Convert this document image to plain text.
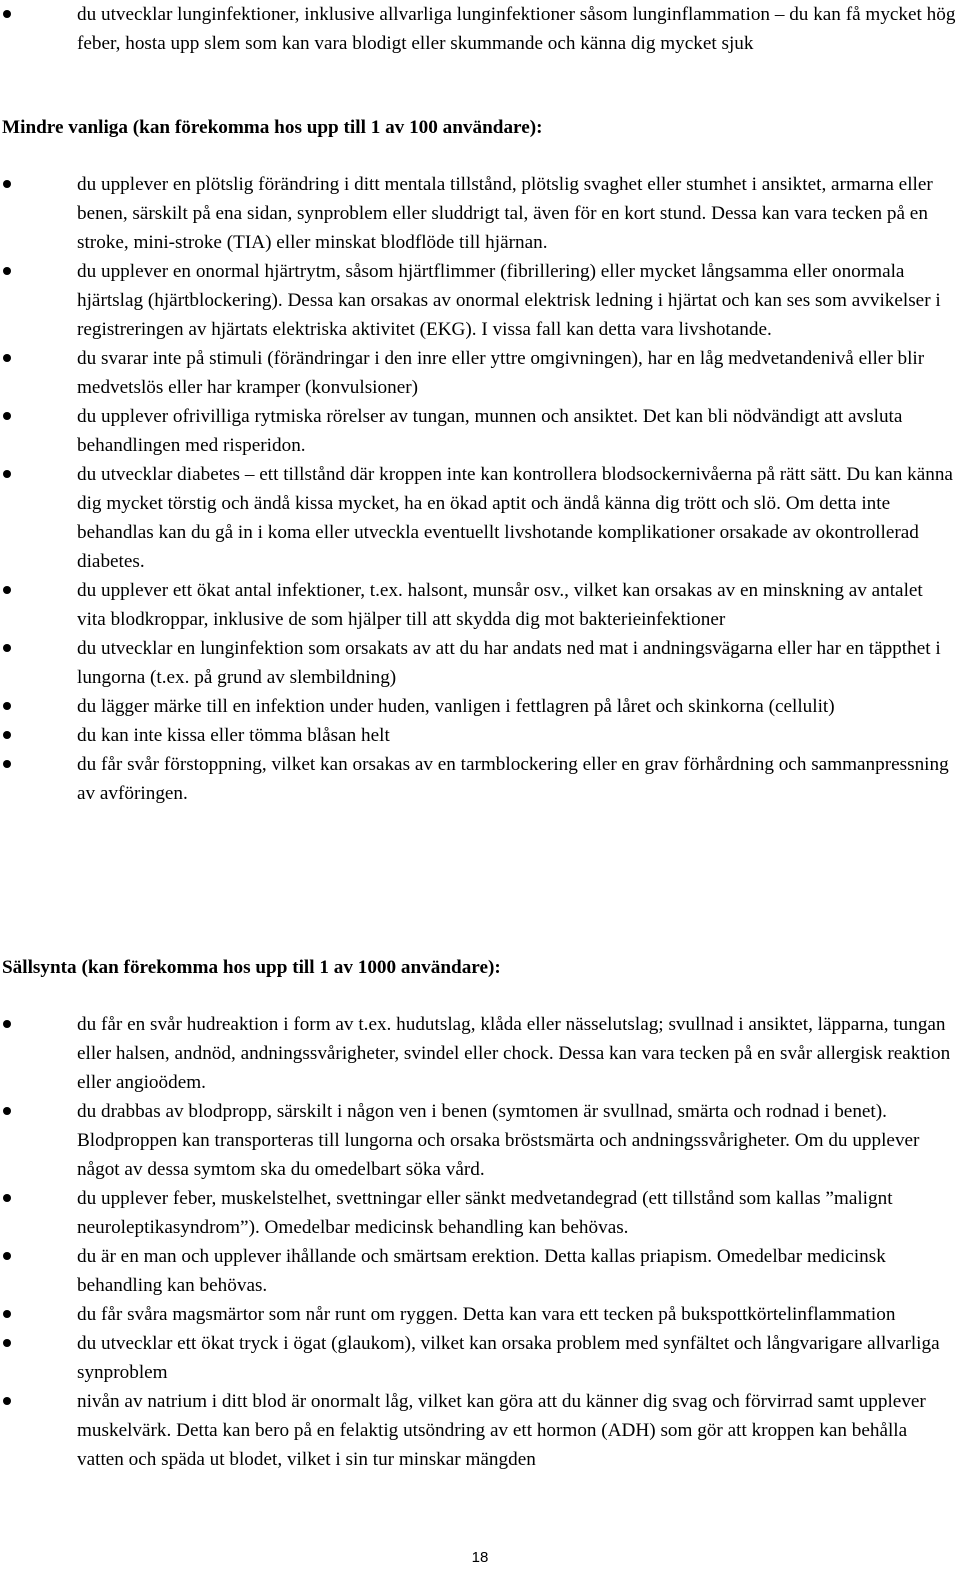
du utvecklar lunginfektioner, inklusive allvarliga lunginfektioner såsom lunginflammation – du kan få mycket hög feber, hosta upp slem som kan vara blodigt eller skummande och känna dig mycket sjuk
Mindre vanliga (kan förekomma hos upp till 1 av 100 användare):
du upplever en plötslig förändring i ditt mentala tillstånd, plötslig svaghet eller stumhet i ansiktet, armarna eller benen, särskilt på ena sidan, synproblem eller sluddrigt tal, även för en kort stund. Dessa kan vara tecken på en stroke, mini-stroke (TIA) eller minskat blodflöde till hjärnan.
du upplever en onormal hjärtrytm, såsom hjärtflimmer (fibrillering) eller mycket långsamma eller onormala hjärtslag (hjärtblockering). Dessa kan orsakas av onormal elektrisk ledning i hjärtat och kan ses som avvikelser i registreringen av hjärtats elektriska aktivitet (EKG). I vissa fall kan detta vara livshotande.
du svarar inte på stimuli (förändringar i den inre eller yttre omgivningen), har en låg medvetandenivå eller blir medvetslös eller har kramper (konvulsioner)
du upplever ofrivilliga rytmiska rörelser av tungan, munnen och ansiktet. Det kan bli nödvändigt att avsluta behandlingen med risperidon.
du utvecklar diabetes – ett tillstånd där kroppen inte kan kontrollera blodsockernivåerna på rätt sätt. Du kan känna dig mycket törstig och ändå kissa mycket, ha en ökad aptit och ändå känna dig trött och slö. Om detta inte behandlas kan du gå in i koma eller utveckla eventuellt livshotande komplikationer orsakade av okontrollerad diabetes.
du upplever ett ökat antal infektioner, t.ex. halsont, munsår osv., vilket kan orsakas av en minskning av antalet vita blodkroppar, inklusive de som hjälper till att skydda dig mot bakterieinfektioner
du utvecklar en lunginfektion som orsakats av att du har andats ned mat i andningsvägarna eller har en täppthet i lungorna (t.ex. på grund av slembildning)
du lägger märke till en infektion under huden, vanligen i fettlagren på låret och skinkorna (cellulit)
du kan inte kissa eller tömma blåsan helt
du får svår förstoppning, vilket kan orsakas av en tarmblockering eller en grav förhårdning och sammanpressning av avföringen.
Sällsynta (kan förekomma hos upp till 1 av 1000 användare):
du får en svår hudreaktion i form av t.ex. hudutslag, klåda eller nässelutslag; svullnad i ansiktet, läpparna, tungan eller halsen, andnöd, andningssvårigheter, svindel eller chock. Dessa kan vara tecken på en svår allergisk reaktion eller angioödem.
du drabbas av blodpropp, särskilt i någon ven i benen (symtomen är svullnad, smärta och rodnad i benet). Blodproppen kan transporteras till lungorna och orsaka bröstsmärta och andningssvårigheter. Om du upplever något av dessa symtom ska du omedelbart söka vård.
du upplever feber, muskelstelhet, svettningar eller sänkt medvetandegrad (ett tillstånd som kallas ”malignt neuroleptikasyndrom”). Omedelbar medicinsk behandling kan behövas.
du är en man och upplever ihållande och smärtsam erektion. Detta kallas priapism. Omedelbar medicinsk behandling kan behövas.
du får svåra magsmärtor som når runt om ryggen. Detta kan vara ett tecken på bukspottkörtelinflammation
du utvecklar ett ökat tryck i ögat (glaukom), vilket kan orsaka problem med synfältet och långvarigare allvarliga synproblem
nivån av natrium i ditt blod är onormalt låg, vilket kan göra att du känner dig svag och förvirrad samt upplever muskelvärk. Detta kan bero på en felaktig utsöndring av ett hormon (ADH) som gör att kroppen kan behålla vatten och späda ut blodet, vilket i sin tur minskar mängden
18
